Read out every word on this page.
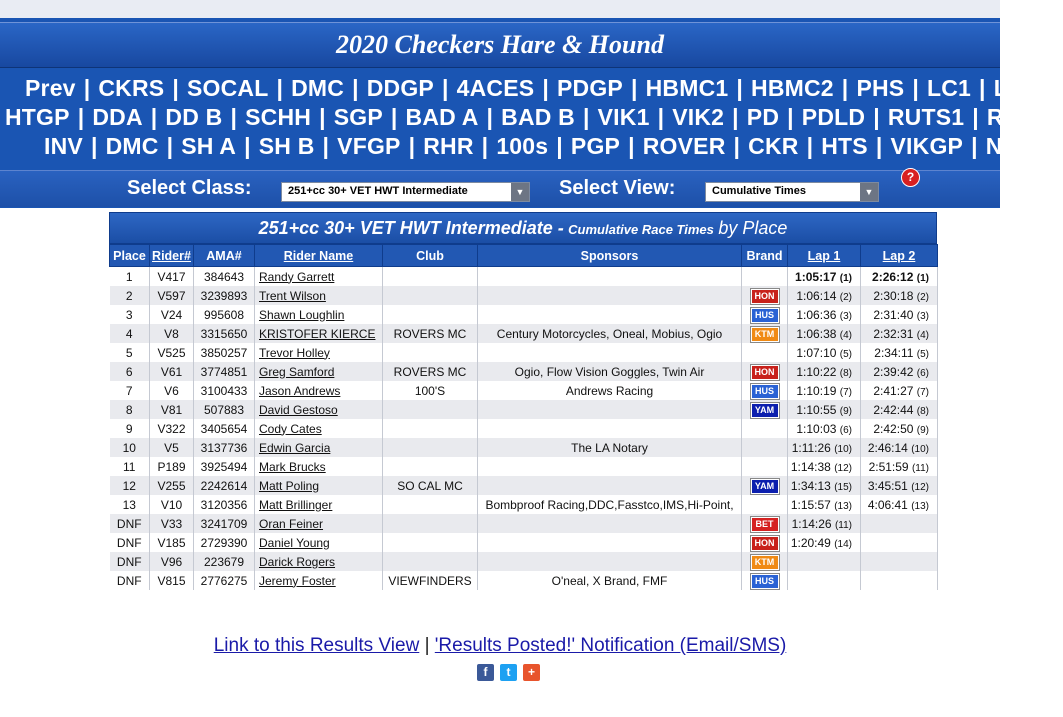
2020 Checkers Hare & Hound
Prev | CKRS | SOCAL | DMC | DDGP | 4ACES | PDGP | HBMC1 | HBMC2 | PHS | LC1 | LC2
HTGP | DDA | DD B | SCHH | SGP | BAD A | BAD B | VIK1 | VIK2 | PD | PDLD | RUTS1 | RUTS2
INV | DMC | SH A | SH B | VFGP | RHR | 100s | PGP | ROVER | CKR | HTS | VIKGP | Next
Select Class:	251+cc 30+ VET HWT Intermediate	▼ Select View:	Cumulative Times	▼
?
251+cc 30+ VET HWT Intermediate - Cumulative Race Times by Place
Place	Rider#	AMA#	Rider Name	Club	Sponsors	Brand	Lap 1	Lap 2
1	V417	384643	Randy Garrett				1:05:17 (1)	2:26:12 (1)
2	V597	3239893	Trent Wilson			HON	1:06:14 (2)	2:30:18 (2)
3	V24	995608	Shawn Loughlin			HUS	1:06:36 (3)	2:31:40 (3)
4	V8	3315650	KRISTOFER KIERCE	ROVERS MC	Century Motorcycles, Oneal, Mobius, Ogio	KTM	1:06:38 (4)	2:32:31 (4)
5	V525	3850257	Trevor Holley				1:07:10 (5)	2:34:11 (5)
6	V61	3774851	Greg Samford	ROVERS MC	Ogio, Flow Vision Goggles, Twin Air	HON	1:10:22 (8)	2:39:42 (6)
7	V6	3100433	Jason Andrews	100'S	Andrews Racing	HUS	1:10:19 (7)	2:41:27 (7)
8	V81	507883	David Gestoso			YAM	1:10:55 (9)	2:42:44 (8)
9	V322	3405654	Cody Cates				1:10:03 (6)	2:42:50 (9)
10	V5	3137736	Edwin Garcia		The LA Notary		1:11:26 (10)	2:46:14 (10)
11	P189	3925494	Mark Brucks				1:14:38 (12)	2:51:59 (11)
12	V255	2242614	Matt Poling	SO CAL MC		YAM	1:34:13 (15)	3:45:51 (12)
13	V10	3120356	Matt Brillinger		Bombproof Racing,DDC,Fasstco,IMS,Hi-Point,		1:15:57 (13)	4:06:41 (13)
DNF	V33	3241709	Oran Feiner			BET	1:14:26 (11)	
DNF	V185	2729390	Daniel Young			HON	1:20:49 (14)	
DNF	V96	223679	Darick Rogers			KTM		
DNF	V815	2776275	Jeremy Foster	VIEWFINDERS	O'neal, X Brand, FMF	HUS		
Link to this Results View | 'Results Posted!' Notification (Email/SMS)
f	t	+
